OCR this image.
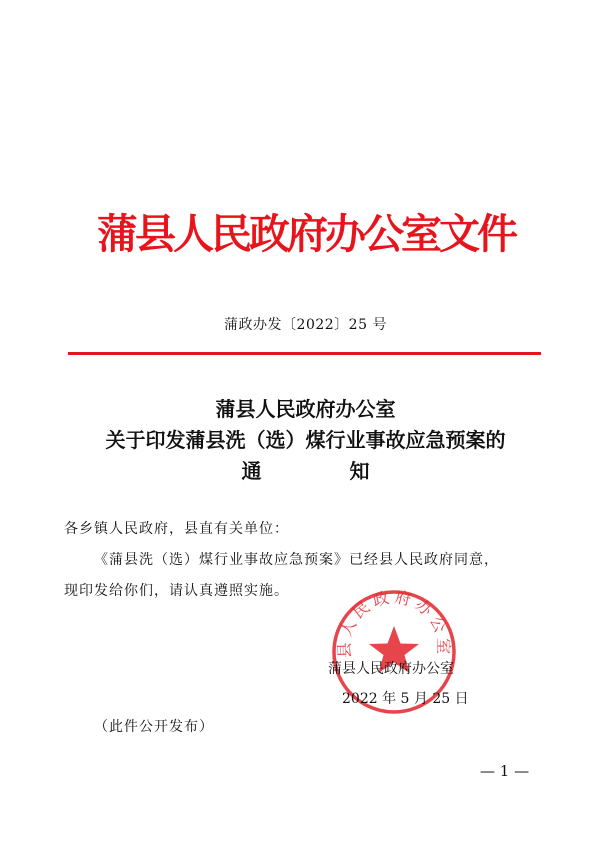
蒲县人民政府办公室文件
蒲政办发〔2022〕25 号
蒲县人民政府办公室
关于印发蒲县洗（选）煤行业事故应急预案的
通	知
各乡镇人民政府，县直有关单位：
《蒲县洗（选）煤行业事故应急预案》已经县人民政府同意，
现印发给你们，请认真遵照实施。
县人民政府办公室
蒲县人民政府办公室
2022 年 5 月 25 日
（此件公开发布）
— 1 —
